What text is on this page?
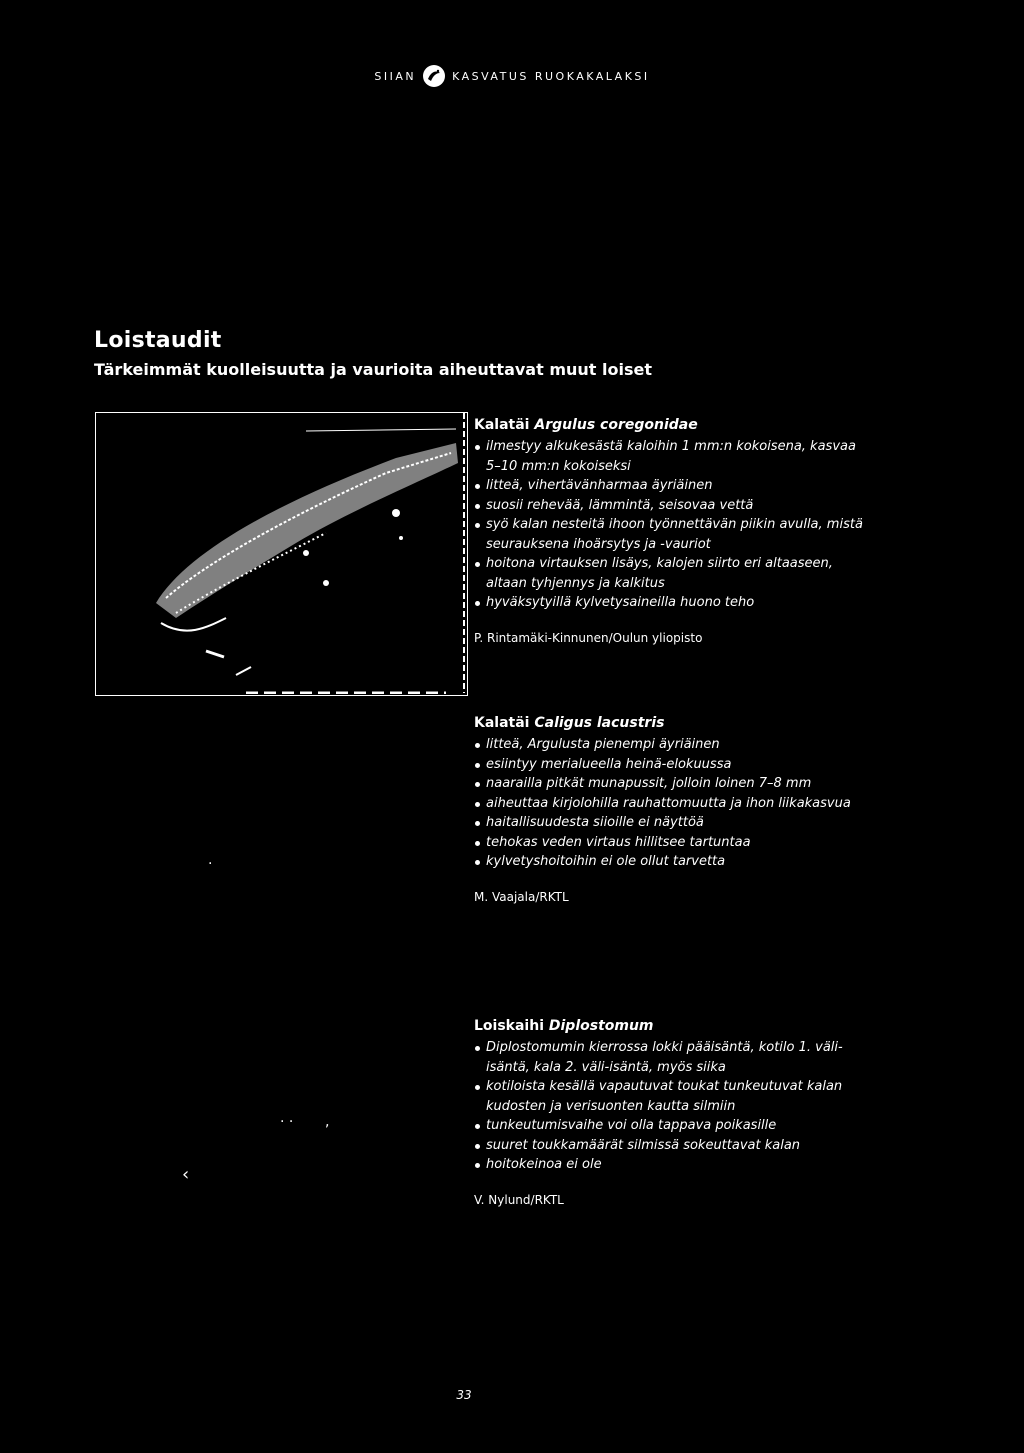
SIIAN	KASVATUS RUOKAKALAKSI
Loistaudit
Tärkeimmät kuolleisuutta ja vaurioita aiheuttavat muut loiset
Kalatäi Argulus coregonidae
ilmestyy alkukesästä kaloihin 1 mm:n kokoisena, kasvaa 5–10 mm:n kokoiseksi
litteä, vihertävänharmaa äyriäinen
suosii rehevää, lämmintä, seisovaa vettä
syö kalan nesteitä ihoon työnnettävän piikin avulla, mistä seurauksena ihoärsytys ja -vauriot
hoitona virtauksen lisäys, kalojen siirto eri altaaseen, altaan tyhjennys ja kalkitus
hyväksytyillä kylvetysaineilla huono teho
P. Rintamäki-Kinnunen/Oulun yliopisto
Kalatäi Caligus lacustris
litteä, Argulusta pienempi äyriäinen
esiintyy merialueella heinä-elokuussa
naarailla pitkät munapussit, jolloin loinen 7–8 mm
aiheuttaa kirjolohilla rauhattomuutta ja ihon liikakasvua
haitallisuudesta siioille ei näyttöä
tehokas veden virtaus hillitsee tartuntaa
kylvetyshoitoihin ei ole ollut tarvetta
M. Vaajala/RKTL
Loiskaihi Diplostomum
Diplostomumin kierrossa lokki pääisäntä, kotilo 1. väli-isäntä, kala 2. väli-isäntä, myös siika
kotiloista kesällä vapautuvat toukat tunkeutuvat kalan kudosten ja verisuonten kautta silmiin
tunkeutumisvaihe voi olla tappava poikasille
suuret toukkamäärät silmissä sokeuttavat kalan
hoitokeinoa ei ole
V. Nylund/RKTL
·
‹
· · ,
33
